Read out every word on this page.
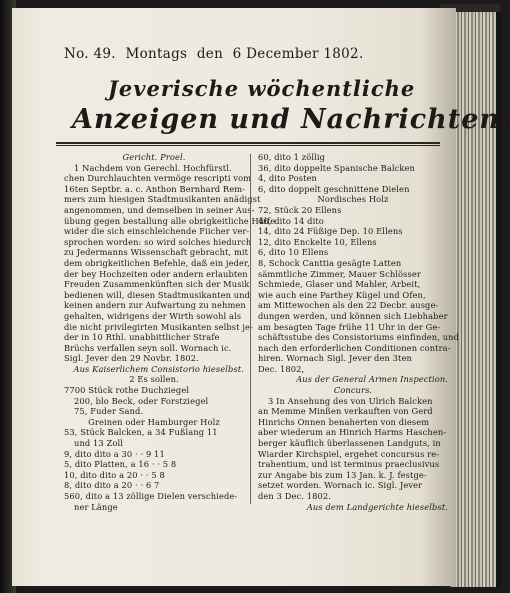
No. 49. Montags den 6 December 1802.
Jeverische wöchentliche
Anzeigen und Nachrichten.

Gericht. Proel.

1 Nachdem von Gerechl. Hochfürstl.

chen Durchlauchten vermöge rescripti vom

16ten Septbr. a. c. Anthon Bernhard Rem-

mers zum hiesigen Stadtmusikanten anädigst

angenommen, und demselben in seiner Aus-

übung gegen bestallung alle obrigkeitliche Hülfe

wider die sich einschleichende Fiicher ver-

sprochen worden: so wird solches hiedurch

zu Jedermanns Wissenschaft gebracht, mit

dem obrigkeitlichen Befehle, daß ein jeder,

der bey Hochzeiten oder andern erlaubten

Freuden Zusammenkünften sich der Musik

bedienen will, diesen Stadtmusikanten und

keinen andern zur Aufwartung zu nehmen

gehalten, widrigens der Wirth sowohl als

die nicht privilegirten Musikanten selbst je-

der in 10 Rthl. unabbittlicher Strafe

Brüchs verfallen seyn soll. Wornach ic.

Sigl. Jever den 29 Novbr. 1802.

Aus Kaiserlichem Consistorio hieselbst.

2 Es sollen.

7700 Stück rothe Duchziegel

200, blo Beck, oder Forstziegel

75, Fuder Sand.

Greinen oder Hamburger Holz

53, Stück Balcken, a 34 Fußlang 11

und 13 Zoll

9, dito dito a 30 · · 9 11

5, dito Platten, a 16 · · 5 8

10, dito dito a 20 · · 5 8

8, dito dito a 20 · · 6 7

560, dito a 13 zöllige Dielen verschiede-

ner Länge

60, dito 1 zöllig

36, dito doppelte Spanische Balcken

4, dito Posten

6, dito doppelt geschnittene Dielen

Nordisches Holz

72, Stück 20 Ellens

46, dito 14 dito

14, dito 24 Füßige Dep. 10 Ellens

12, dito Enckelte 10, Ellens

6, dito 10 Ellens

8, Schock Canttia gesägte Latten

sämmtliche Zimmer, Mauer Schlösser

Schmiede, Glaser und Mahler, Arbeit,

wie auch eine Parthey Kügel und Ofen,

am Mittewochen als den 22 Decbr. ausge-

dungen werden, und können sich Liebhaber

am besagten Tage frühe 11 Uhr in der Ge-

schäftsstube des Consistoriums einfinden, und

nach den erforderlichen Conditionen contra-

hiren. Wornach Sigl. Jever den 3ten

Dec. 1802,

Aus der General Armen Inspection.

Concurs.

3 In Ansehung des von Ulrich Balcken

an Memme Minßen verkauften von Gerd

Hinrichs Onnen benaherten von diesem

aber wiederum an Hinrich Harms Haschen-

berger käuflich überlassenen Landguts, in

Wiarder Kirchspiel, ergehet concursus re-

trahentium, und ist terminus praeclusivus

zur Angabe bis zum 13 Jan. k. J. festge-

setzet worden. Wornach ic. Sigl. Jever

den 3 Dec. 1802.

Aus dem Landgerichte hieselbst.
